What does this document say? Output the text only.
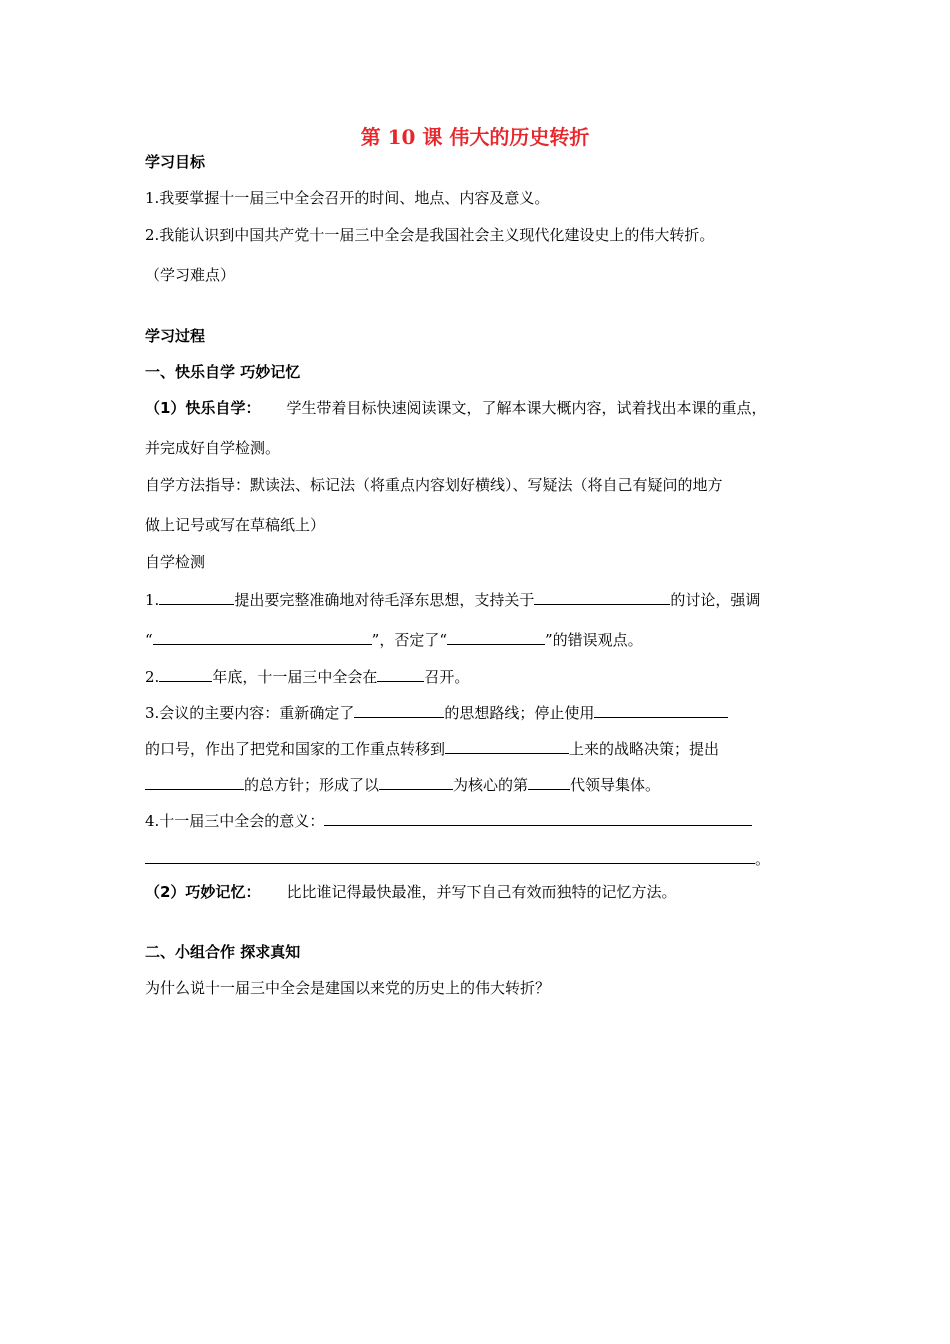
第 10 课 伟大的历史转折
学习目标
1.我要掌握十一届三中全会召开的时间、地点、内容及意义。
2.我能认识到中国共产党十一届三中全会是我国社会主义现代化建设史上的伟大转折。
（学习难点）
学习过程
一、快乐自学 巧妙记忆
（1）快乐自学： 学生带着目标快速阅读课文，了解本课大概内容，试着找出本课的重点，
并完成好自学检测。
自学方法指导：默读法、标记法（将重点内容划好横线）、写疑法（将自己有疑问的地方
做上记号或写在草稿纸上）
自学检测
1.	提出要完整准确地对待毛泽东思想，支持关于	的讨论，强调
“	”，否定了“	”的错误观点。
2.	年底，十一届三中全会在	召开。
3.会议的主要内容：重新确定了	的思想路线；停止使用
的口号，作出了把党和国家的工作重点转移到	上来的战略决策；提出
的总方针；形成了以	为核心的第	代领导集体。
4.十一届三中全会的意义：
。
（2）巧妙记忆： 比比谁记得最快最准，并写下自己有效而独特的记忆方法。
二、小组合作 探求真知
为什么说十一届三中全会是建国以来党的历史上的伟大转折？
